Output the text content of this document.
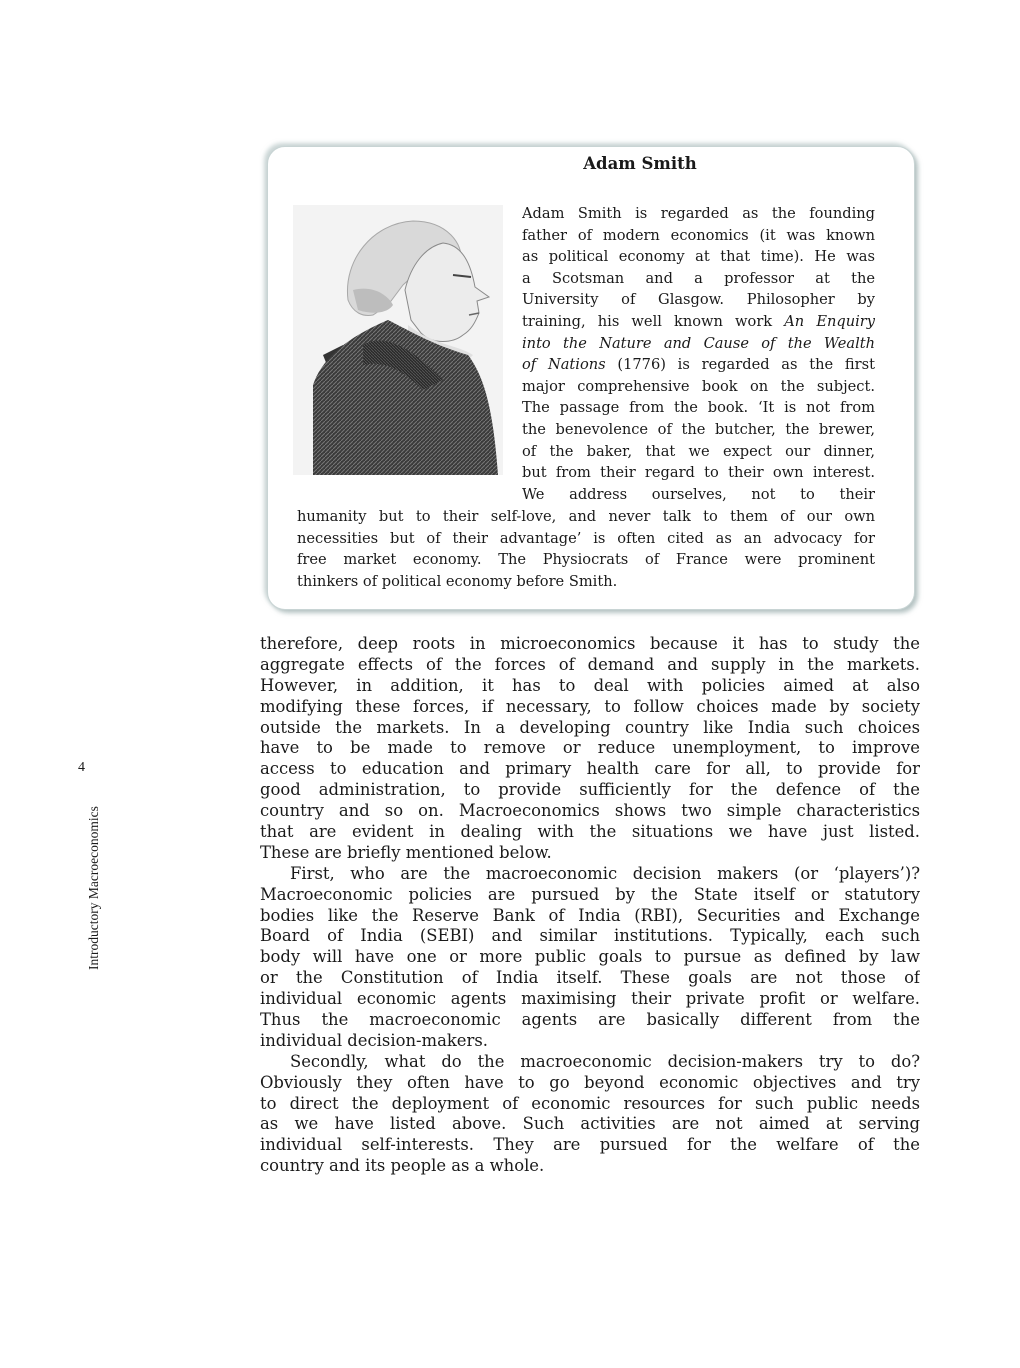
4
Introductory Macroeconomics
Adam Smith
Adam Smith is regarded as the founding
father of modern economics (it was known
as political economy at that time). He was
a Scotsman and a professor at the
University of Glasgow. Philosopher by
training, his well known work An Enquiry
into the Nature and Cause of the Wealth
of Nations (1776) is regarded as the first
major comprehensive book on the subject.
The passage from the book. ‘It is not from
the benevolence of the butcher, the brewer,
of the baker, that we expect our dinner,
but from their regard to their own interest.
We address ourselves, not to their
humanity but to their self-love, and never talk to them of our own
necessities but of their advantage’ is often cited as an advocacy for
free market economy. The Physiocrats of France were prominent
thinkers of political economy before Smith.
therefore, deep roots in microeconomics because it has to study the
aggregate effects of the forces of demand and supply in the markets.
However, in addition, it has to deal with policies aimed at also
modifying these forces, if necessary, to follow choices made by society
outside the markets. In a developing country like India such choices
have to be made to remove or reduce unemployment, to improve
access to education and primary health care for all, to provide for
good administration, to provide sufficiently for the defence of the
country and so on. Macroeconomics shows two simple characteristics
that are evident in dealing with the situations we have just listed.
These are briefly mentioned below.
First, who are the macroeconomic decision makers (or ‘players’)?
Macroeconomic policies are pursued by the State itself or statutory
bodies like the Reserve Bank of India (RBI), Securities and Exchange
Board of India (SEBI) and similar institutions. Typically, each such
body will have one or more public goals to pursue as defined by law
or the Constitution of India itself. These goals are not those of
individual economic agents maximising their private profit or welfare.
Thus the macroeconomic agents are basically different from the
individual decision-makers.
Secondly, what do the macroeconomic decision-makers try to do?
Obviously they often have to go beyond economic objectives and try
to direct the deployment of economic resources for such public needs
as we have listed above. Such activities are not aimed at serving
individual self-interests. They are pursued for the welfare of the
country and its people as a whole.
